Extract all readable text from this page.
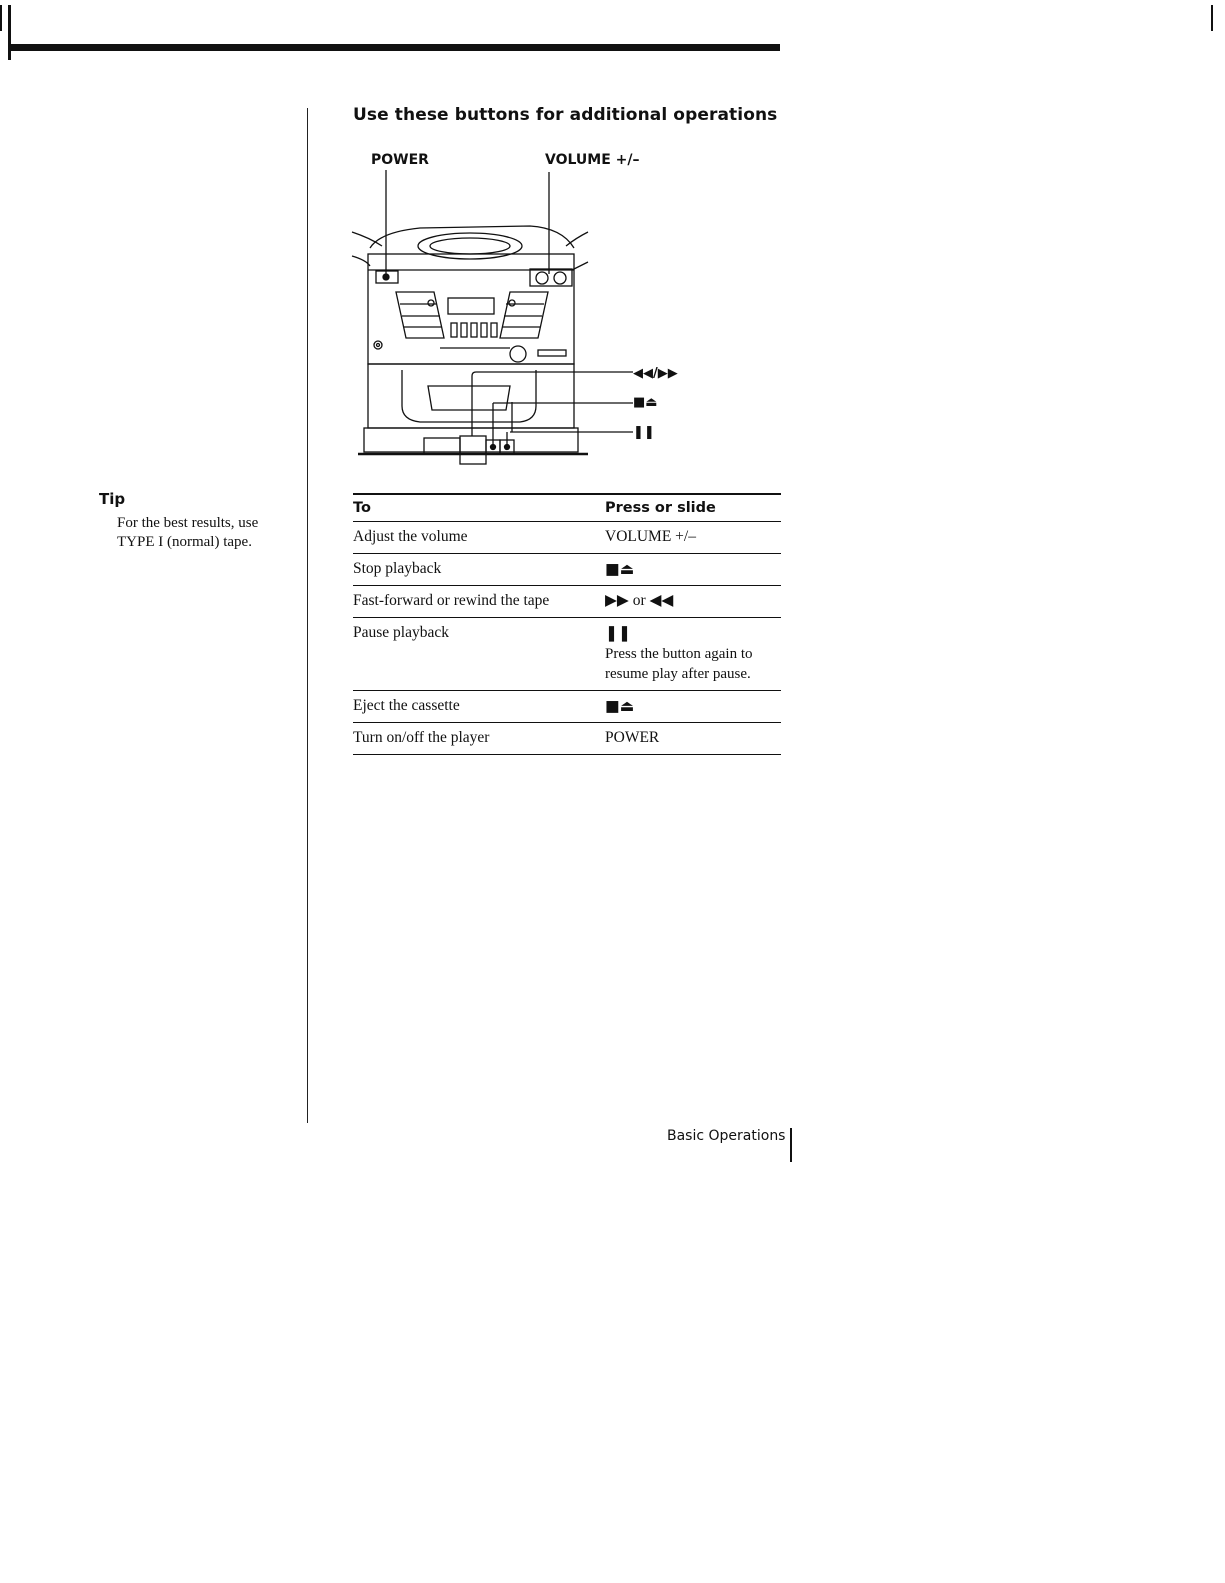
Use these buttons for additional operations
Tip
For the best results, use TYPE I (normal) tape.
POWER	VOLUME +/–
◀◀/▶▶
■⏏
❚❚
To	Press or slide
Adjust the volume	VOLUME +/–
Stop playback	■⏏
Fast-forward or rewind the tape	▶▶ or ◀◀
Pause playback	❚❚
Press the button again to resume play after pause.

Eject the cassette	■⏏
Turn on/off the player	POWER
Basic Operations
